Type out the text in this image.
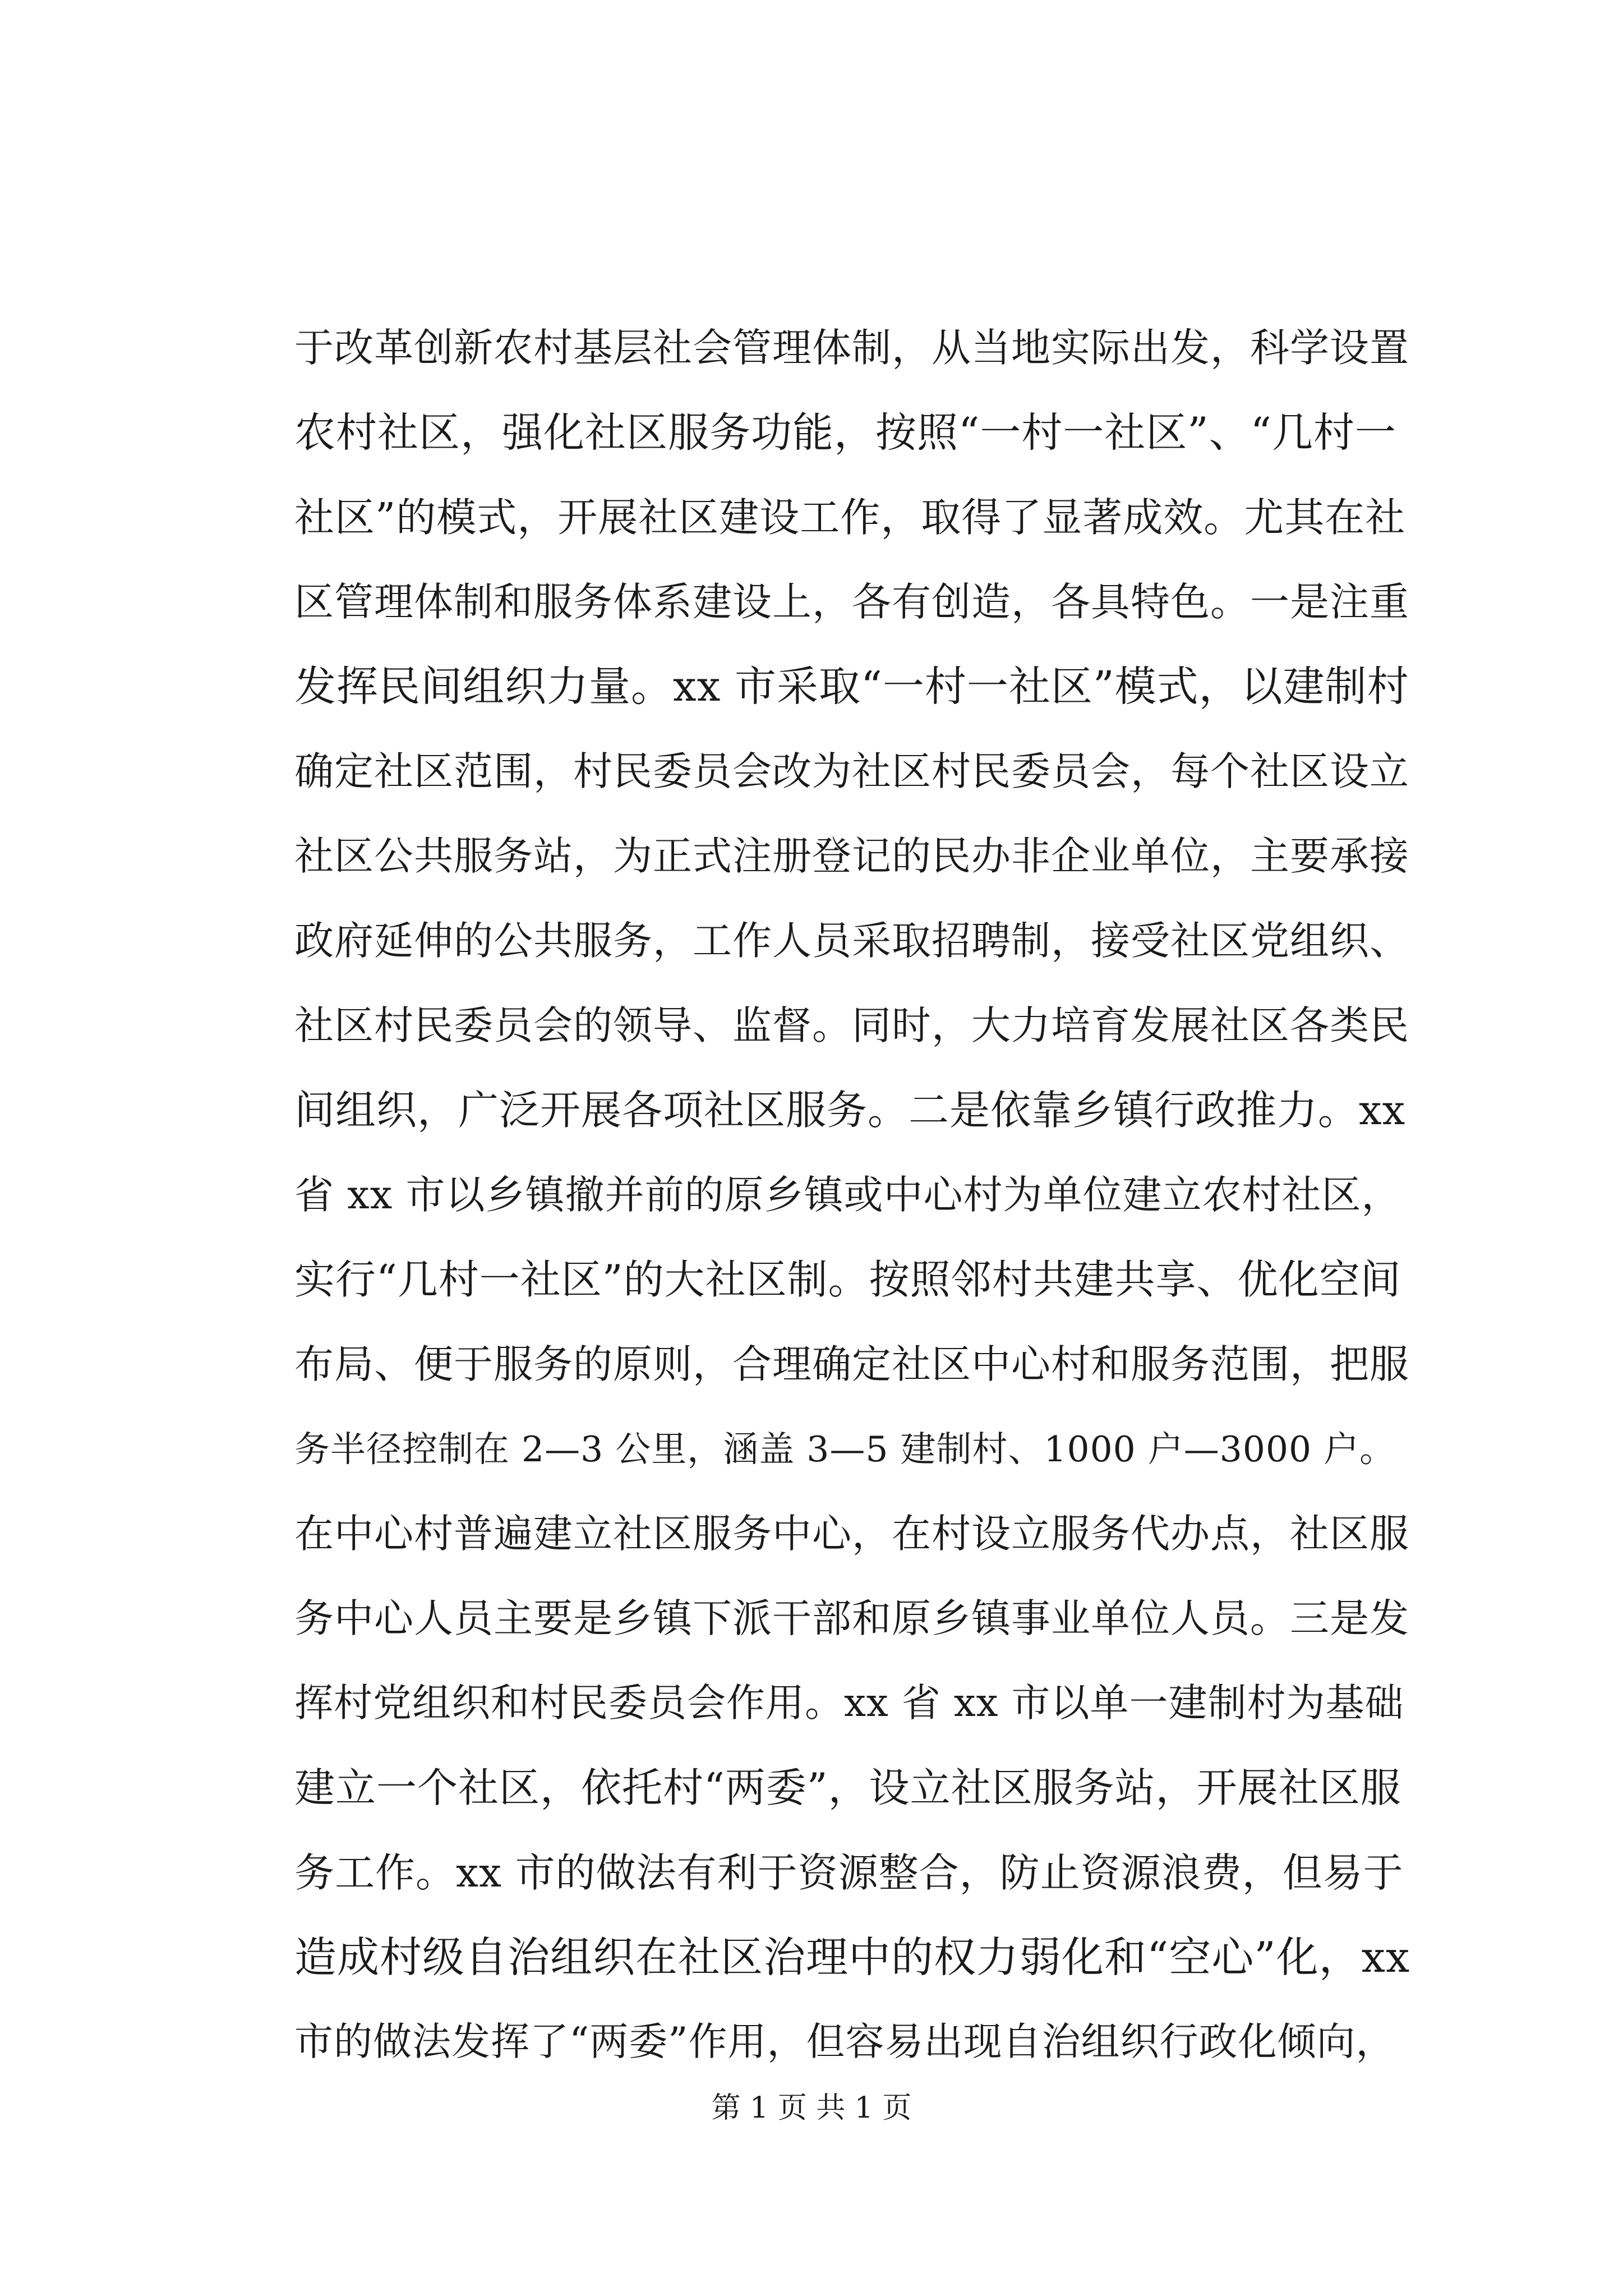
于改革创新农村基层社会管理体制，从当地实际出发，科学设置
农村社区，强化社区服务功能，按照“一村一社区”、“几村一
社区”的模式，开展社区建设工作，取得了显著成效。尤其在社
区管理体制和服务体系建设上，各有创造，各具特色。一是注重
发挥民间组织力量。xx 市采取“一村一社区”模式，以建制村
确定社区范围，村民委员会改为社区村民委员会，每个社区设立
社区公共服务站，为正式注册登记的民办非企业单位，主要承接
政府延伸的公共服务，工作人员采取招聘制，接受社区党组织、
社区村民委员会的领导、监督。同时，大力培育发展社区各类民
间组织，广泛开展各项社区服务。二是依靠乡镇行政推力。xx
省 xx 市以乡镇撤并前的原乡镇或中心村为单位建立农村社区，
实行“几村一社区”的大社区制。按照邻村共建共享、优化空间
布局、便于服务的原则，合理确定社区中心村和服务范围，把服
务半径控制在 2—3 公里，涵盖 3—5 建制村、1000 户—3000 户。
在中心村普遍建立社区服务中心，在村设立服务代办点，社区服
务中心人员主要是乡镇下派干部和原乡镇事业单位人员。三是发
挥村党组织和村民委员会作用。xx 省 xx 市以单一建制村为基础
建立一个社区，依托村“两委”，设立社区服务站，开展社区服
务工作。xx 市的做法有利于资源整合，防止资源浪费，但易于
造成村级自治组织在社区治理中的权力弱化和“空心”化，xx
市的做法发挥了“两委”作用，但容易出现自治组织行政化倾向，
第 1 页 共 1 页
